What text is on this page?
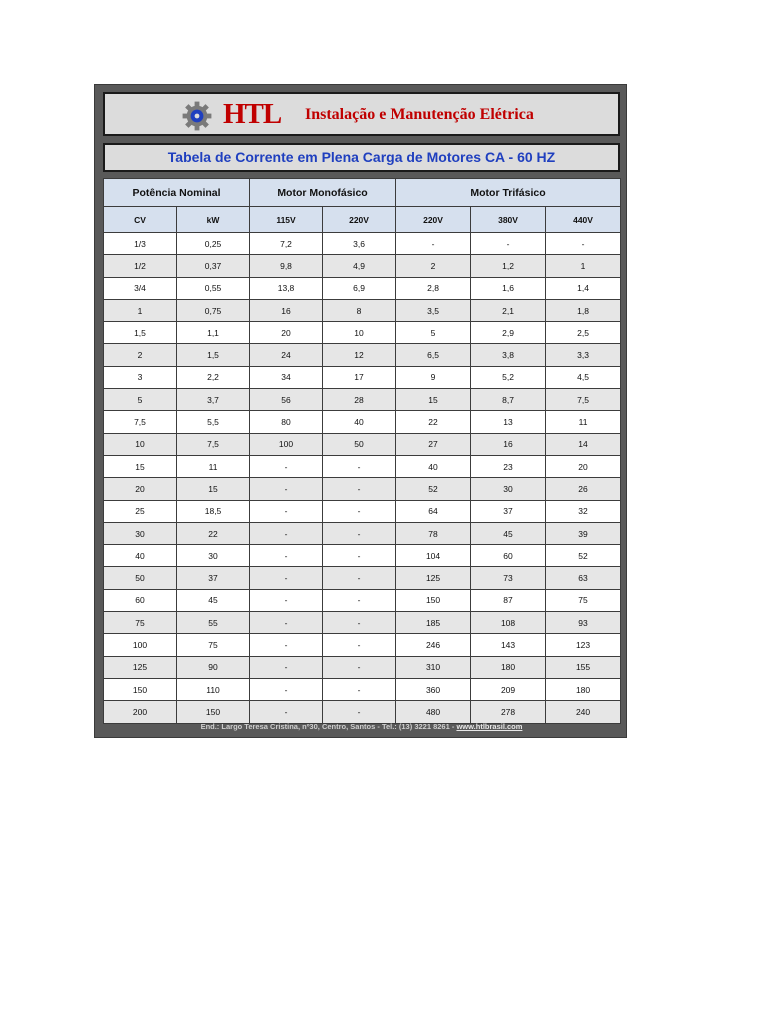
HTL Instalação e Manutenção Elétrica
Tabela de Corrente em Plena Carga de Motores CA - 60 HZ
Potência Nominal		Motor Monofásico		Motor Trifásico		
CV	kW	115V	220V	220V	380V	440V
1/3	0,25	7,2	3,6	-	-	-
1/2	0,37	9,8	4,9	2	1,2	1
3/4	0,55	13,8	6,9	2,8	1,6	1,4
1	0,75	16	8	3,5	2,1	1,8
1,5	1,1	20	10	5	2,9	2,5
2	1,5	24	12	6,5	3,8	3,3
3	2,2	34	17	9	5,2	4,5
5	3,7	56	28	15	8,7	7,5
7,5	5,5	80	40	22	13	11
10	7,5	100	50	27	16	14
15	11	-	-	40	23	20
20	15	-	-	52	30	26
25	18,5	-	-	64	37	32
30	22	-	-	78	45	39
40	30	-	-	104	60	52
50	37	-	-	125	73	63
60	45	-	-	150	87	75
75	55	-	-	185	108	93
100	75	-	-	246	143	123
125	90	-	-	310	180	155
150	110	-	-	360	209	180
200	150	-	-	480	278	240
End.: Largo Teresa Cristina, nº30, Centro, Santos - Tel.: (13) 3221 8261 - www.htlbrasil.com
